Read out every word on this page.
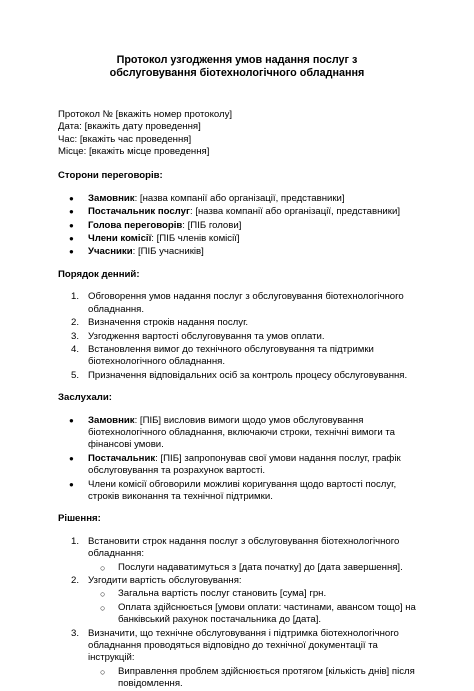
Протокол узгодження умов надання послуг з обслуговування біотехнологічного обладнання
Протокол № [вкажіть номер протоколу]
Дата: [вкажіть дату проведення]
Час: [вкажіть час проведення]
Місце: [вкажіть місце проведення]
Сторони переговорів:
● Замовник: [назва компанії або організації, представники]
● Постачальник послуг: [назва компанії або організації, представники]
● Голова переговорів: [ПІБ голови]
● Члени комісії: [ПІБ членів комісії]
● Учасники: [ПІБ учасників]
Порядок денний:
1. Обговорення умов надання послуг з обслуговування біотехнологічного обладнання.
2. Визначення строків надання послуг.
3. Узгодження вартості обслуговування та умов оплати.
4. Встановлення вимог до технічного обслуговування та підтримки біотехнологічного обладнання.
5. Призначення відповідальних осіб за контроль процесу обслуговування.
Заслухали:
● Замовник: [ПІБ] висловив вимоги щодо умов обслуговування біотехнологічного обладнання, включаючи строки, технічні вимоги та фінансові умови.
● Постачальник: [ПІБ] запропонував свої умови надання послуг, графік обслуговування та розрахунок вартості.
● Члени комісії обговорили можливі коригування щодо вартості послуг, строків виконання та технічної підтримки.
Рішення:
1. Встановити строк надання послуг з обслуговування біотехнологічного обладнання:
○ Послуги надаватимуться з [дата початку] до [дата завершення].
2. Узгодити вартість обслуговування:
○ Загальна вартість послуг становить [сума] грн.
○ Оплата здійснюється [умови оплати: частинами, авансом тощо] на банківський рахунок постачальника до [дата].
3. Визначити, що технічне обслуговування і підтримка біотехнологічного обладнання проводяться відповідно до технічної документації та інструкцій:
○ Виправлення проблем здійснюється протягом [кількість днів] після повідомлення.
